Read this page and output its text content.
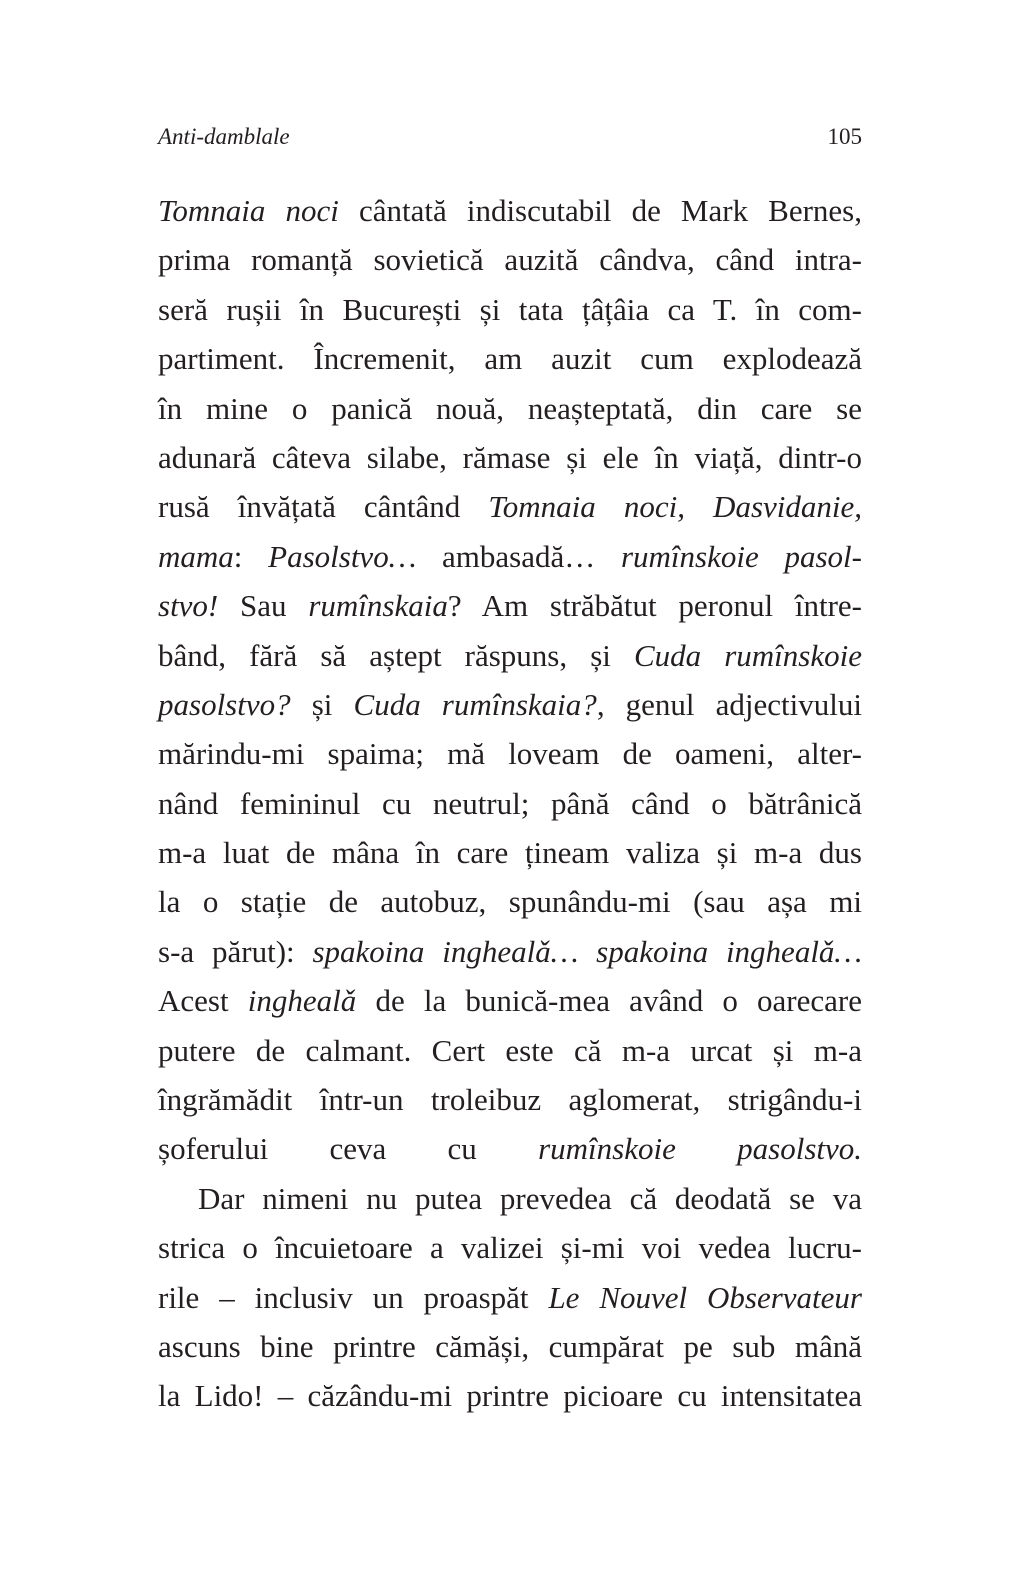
Anti-damblale	105
Tomnaia noci cântată indiscutabil de Mark Bernes,
prima romanță sovietică auzită cândva, când intra-
seră rușii în București și tata țâțâia ca T. în com-
partiment. Încremenit, am auzit cum explodează
în mine o panică nouă, neașteptată, din care se
adunară câteva silabe, rămase și ele în viață, dintr-o
rusă învățată cântând Tomnaia noci, Dasvidanie,
mama: Pasolstvo… ambasadă… rumînskoie pasol-
stvo! Sau rumînskaia? Am străbătut peronul între-
bând, fără să aștept răspuns, și Cuda rumînskoie
pasolstvo? și Cuda rumînskaia?, genul adjectivului
mărindu-mi spaima; mă loveam de oameni, alter-
nând femininul cu neutrul; până când o bătrânică
m-a luat de mâna în care țineam valiza și m-a dus
la o stație de autobuz, spunându-mi (sau așa mi
s-a părut): spakoina inghealǎ… spakoina inghealǎ…
Acest inghealǎ de la bunică-mea având o oarecare
putere de calmant. Cert este că m-a urcat și m-a
îngrămădit într-un troleibuz aglomerat, strigându-i
șoferului ceva cu rumînskoie pasolstvo.
Dar nimeni nu putea prevedea că deodată se va
strica o încuietoare a valizei și-mi voi vedea lucru-
rile – inclusiv un proaspăt Le Nouvel Observateur
ascuns bine printre cămăși, cumpărat pe sub mână
la Lido! – căzându-mi printre picioare cu intensitatea
